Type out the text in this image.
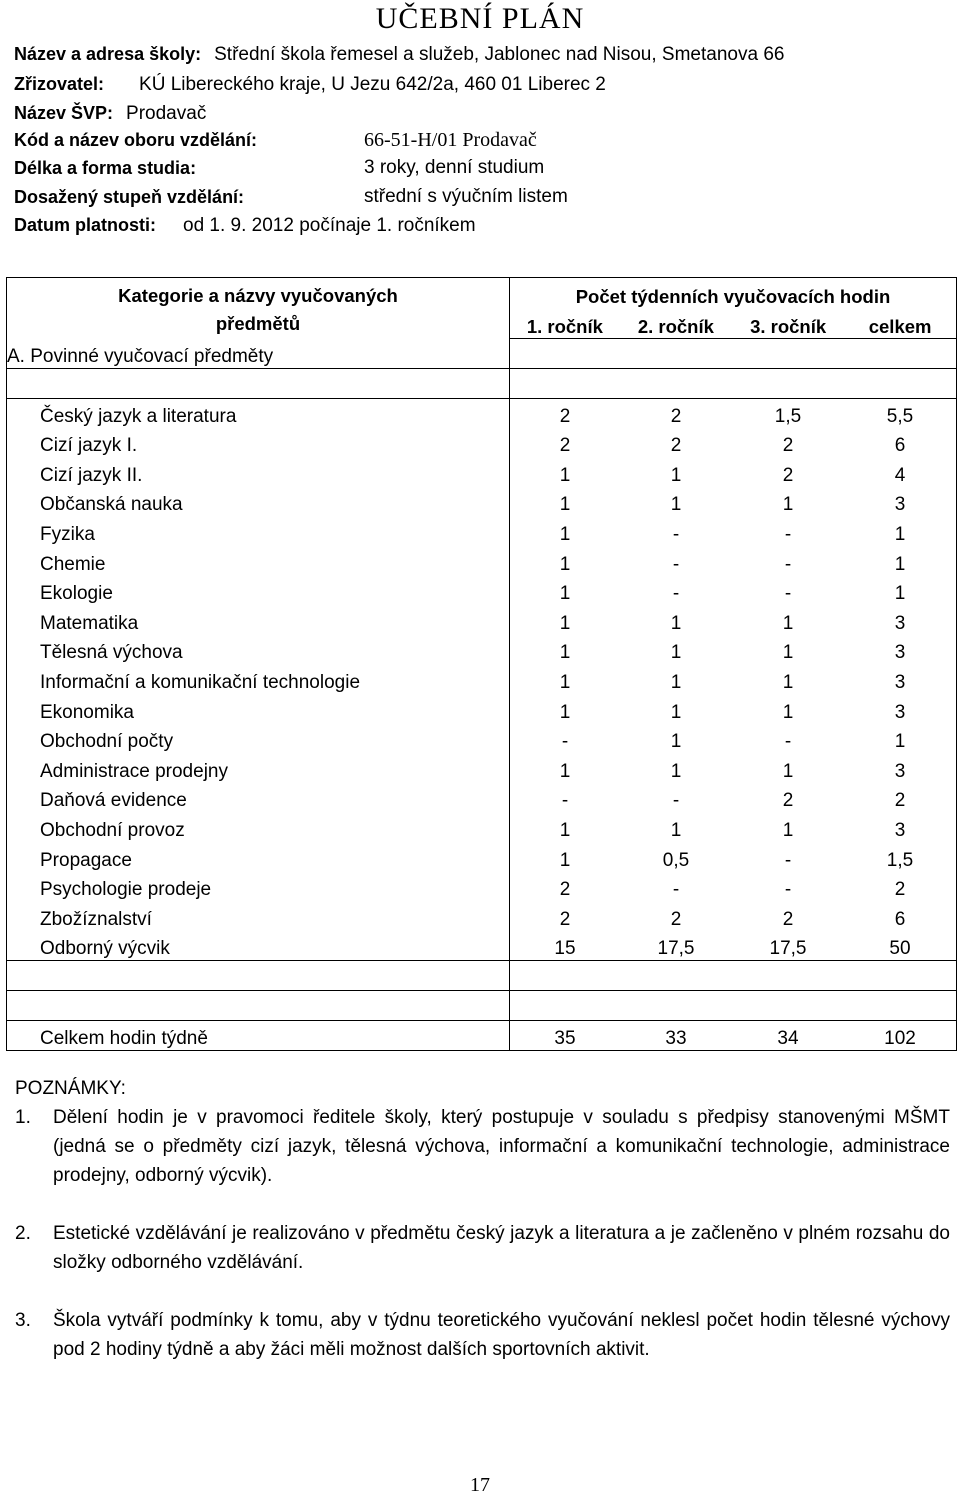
UČEBNÍ PLÁN
Název a adresa školy: Střední škola řemesel a služeb, Jablonec nad Nisou, Smetanova 66
Zřizovatel: KÚ Libereckého kraje, U Jezu 642/2a, 460 01 Liberec 2
Název ŠVP: Prodavač
Kód a název oboru vzdělání:	66-51-H/01 Prodavač
Délka a forma studia:	3 roky, denní studium
Dosažený stupeň vzdělání:	střední s výučním listem
Datum platnosti: od 1. 9. 2012 počínaje 1. ročníkem
Kategorie a názvy vyučovaných
předmětů	Počet týdenních vyučovacích hodin			
	1. ročník	2. ročník	3. ročník	celkem
A. Povinné vyučovací předměty				

Český jazyk a literatura	2 2 1,5 5,5			

Cizí jazyk I.	2 2 2 6			

Cizí jazyk II.	1 1 2 4			

Občanská nauka	1 1 1 3			

Fyzika	1 - - 1			

Chemie	1 - - 1			

Ekologie	1 - - 1			

Matematika	1 1 1 3			

Tělesná výchova	1 1 1 3			

Informační a komunikační technologie	1 1 1 3			

Ekonomika	1 1 1 3			

Obchodní počty	- 1 - 1			

Administrace prodejny	1 1 1 3			

Daňová evidence	- - 2 2			

Obchodní provoz	1 1 1 3			

Propagace	1 0,5 - 1,5			

Psychologie prodeje	2 - - 2			

Zbožíznalství	2 2 2 6			

Odborný výcvik	15 17,5 17,5 50			

Celkem hodin týdně	35 33 34 102			
POZNÁMKY:
1.	Dělení hodin je v pravomoci ředitele školy, který postupuje v souladu s předpisy stanovenými MŠMT (jedná se o předměty cizí jazyk, tělesná výchova, informační a komunikační technologie, administrace prodejny, odborný výcvik).
2.	Estetické vzdělávání je realizováno v předmětu český jazyk a literatura a je začleněno v plném rozsahu do složky odborného vzdělávání.
3.	Škola vytváří podmínky k tomu, aby v týdnu teoretického vyučování neklesl počet hodin tělesné výchovy pod 2 hodiny týdně a aby žáci měli možnost dalších sportovních aktivit.
17
